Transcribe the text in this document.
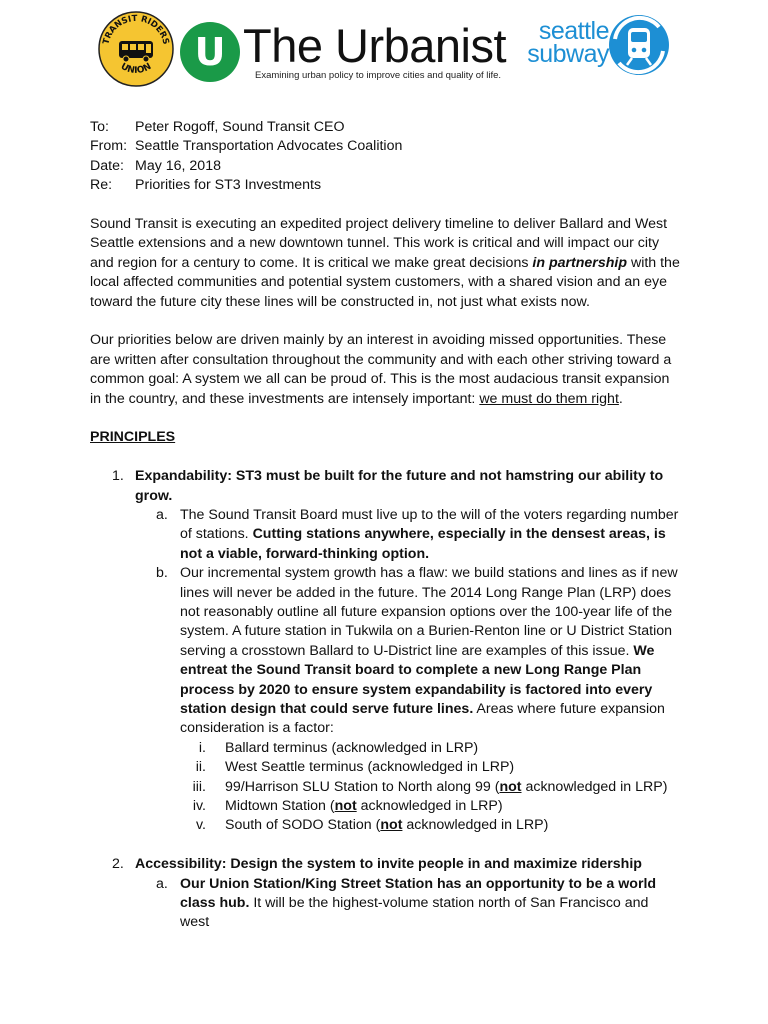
TRANSIT RIDERS
UNION U The Urbanist
Examining urban policy to improve cities and quality of life.
seattle
subway
To:	Peter Rogoff, Sound Transit CEO
From: Seattle Transportation Advocates Coalition
Date: May 16, 2018
Re:	Priorities for ST3 Investments
Sound Transit is executing an expedited project delivery timeline to deliver Ballard and West Seattle extensions and a new downtown tunnel. This work is critical and will impact our city and region for a century to come. It is critical we make great decisions in partnership with the local affected communities and potential system customers, with a shared vision and an eye toward the future city these lines will be constructed in, not just what exists now.
Our priorities below are driven mainly by an interest in avoiding missed opportunities. These are written after consultation throughout the community and with each other striving toward a common goal: A system we all can be proud of. This is the most audacious transit expansion in the country, and these investments are intensely important: we must do them right.
PRINCIPLES
1. Expandability: ST3 must be built for the future and not hamstring our ability to grow.
a. The Sound Transit Board must live up to the will of the voters regarding number of stations. Cutting stations anywhere, especially in the densest areas, is not a viable, forward-thinking option.
b. Our incremental system growth has a flaw: we build stations and lines as if new lines will never be added in the future. The 2014 Long Range Plan (LRP) does not reasonably outline all future expansion options over the 100-year life of the system. A future station in Tukwila on a Burien-Renton line or U District Station serving a crosstown Ballard to U-District line are examples of this issue. We entreat the Sound Transit board to complete a new Long Range Plan process by 2020 to ensure system expandability is factored into every station design that could serve future lines. Areas where future expansion consideration is a factor:
i. Ballard terminus (acknowledged in LRP)
ii. West Seattle terminus (acknowledged in LRP)
iii. 99/Harrison SLU Station to North along 99 (not acknowledged in LRP)
iv. Midtown Station (not acknowledged in LRP)
v. South of SODO Station (not acknowledged in LRP)
2. Accessibility: Design the system to invite people in and maximize ridership
a. Our Union Station/King Street Station has an opportunity to be a world class hub. It will be the highest-volume station north of San Francisco and west
